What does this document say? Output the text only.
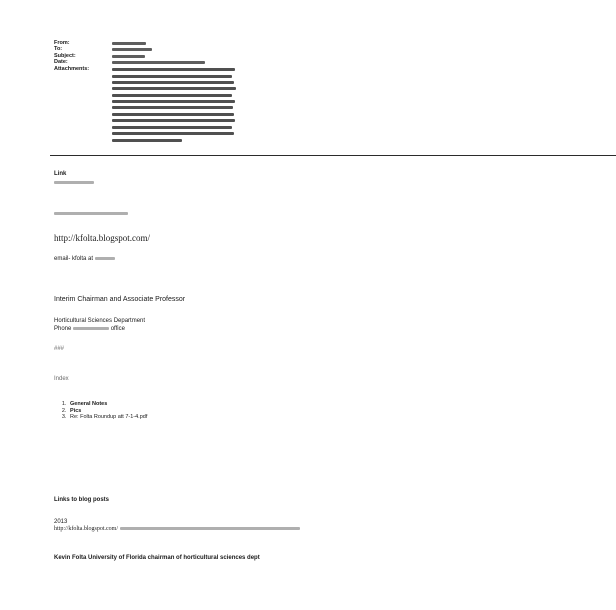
From:
To:
Subject:
Date:
Attachments:
Link
http://kfolta.blogspot.com/
email- kfolta at
Interim Chairman and Associate Professor
Horticultural Sciences Department
Phone	office
###
Index
1. General Notes
2. Pics
3. Re: Folta Roundup att 7-1-4.pdf
Links to blog posts
2013
http://kfolta.blogspot.com/
Kevin Folta University of Florida chairman of horticultural sciences dept
